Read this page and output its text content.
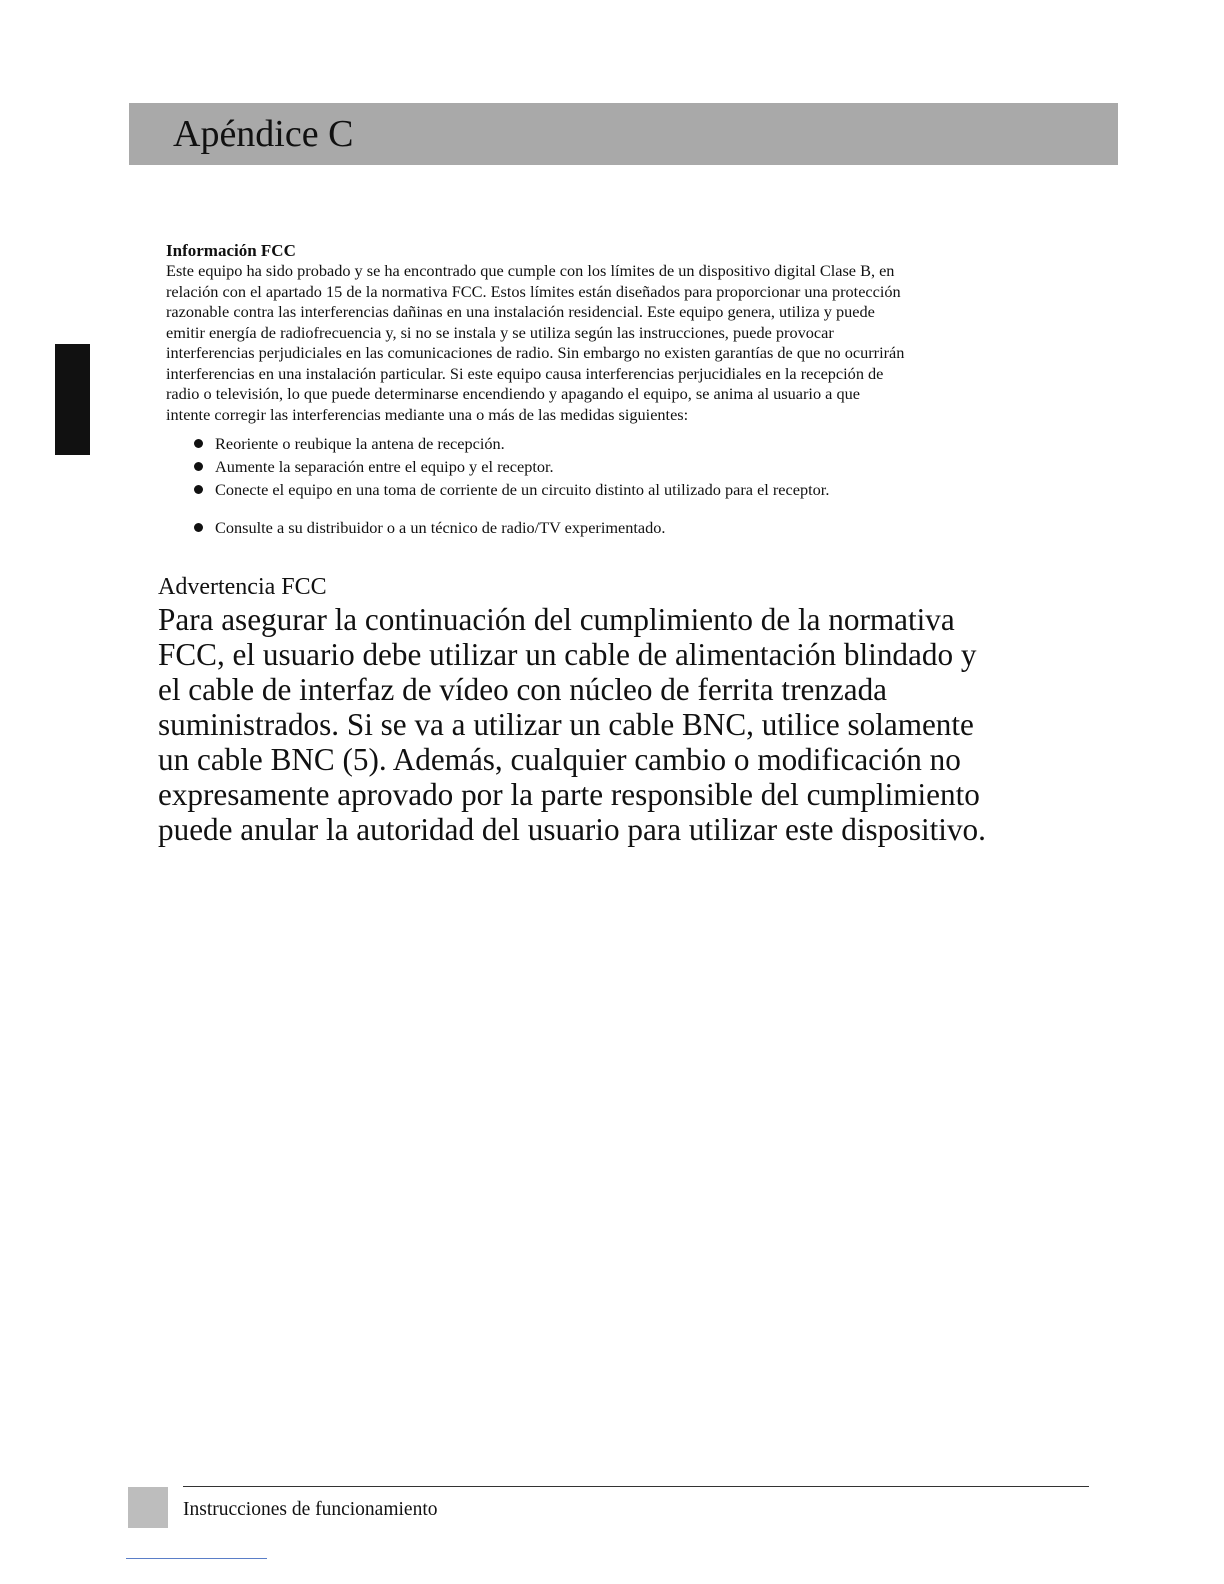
Apéndice C

Información FCC

Este equipo ha sido probado y se ha encontrado que cumple con los límites de un dispositivo digital Clase B, en
relación con el apartado 15 de la normativa FCC. Estos límites están diseñados para proporcionar una protección
razonable contra las interferencias dañinas en una instalación residencial. Este equipo genera, utiliza y puede
emitir energía de radiofrecuencia y, si no se instala y se utiliza según las instrucciones, puede provocar
interferencias perjudiciales en las comunicaciones de radio. Sin embargo no existen garantías de que no ocurrirán
interferencias en una instalación particular. Si este equipo causa interferencias perjucidiales en la recepción de
radio o televisión, lo que puede determinarse encendiendo y apagando el equipo, se anima al usuario a que
intente corregir las interferencias mediante una o más de las medidas siguientes:

Reoriente o reubique la antena de recepción.
Aumente la separación entre el equipo y el receptor.
Conecte el equipo en una toma de corriente de un circuito distinto al utilizado para el receptor.
Consulte a su distribuidor o a un técnico de radio/TV experimentado.

Advertencia FCC

Para asegurar la continuación del cumplimiento de la normativa
FCC, el usuario debe utilizar un cable de alimentación blindado y
el cable de interfaz de vídeo con núcleo de ferrita trenzada
suministrados. Si se va a utilizar un cable BNC, utilice solamente
un cable BNC (5). Además, cualquier cambio o modificación no
expresamente aprovado por la parte responsible del cumplimiento
puede anular la autoridad del usuario para utilizar este dispositivo.

Instrucciones de funcionamiento
